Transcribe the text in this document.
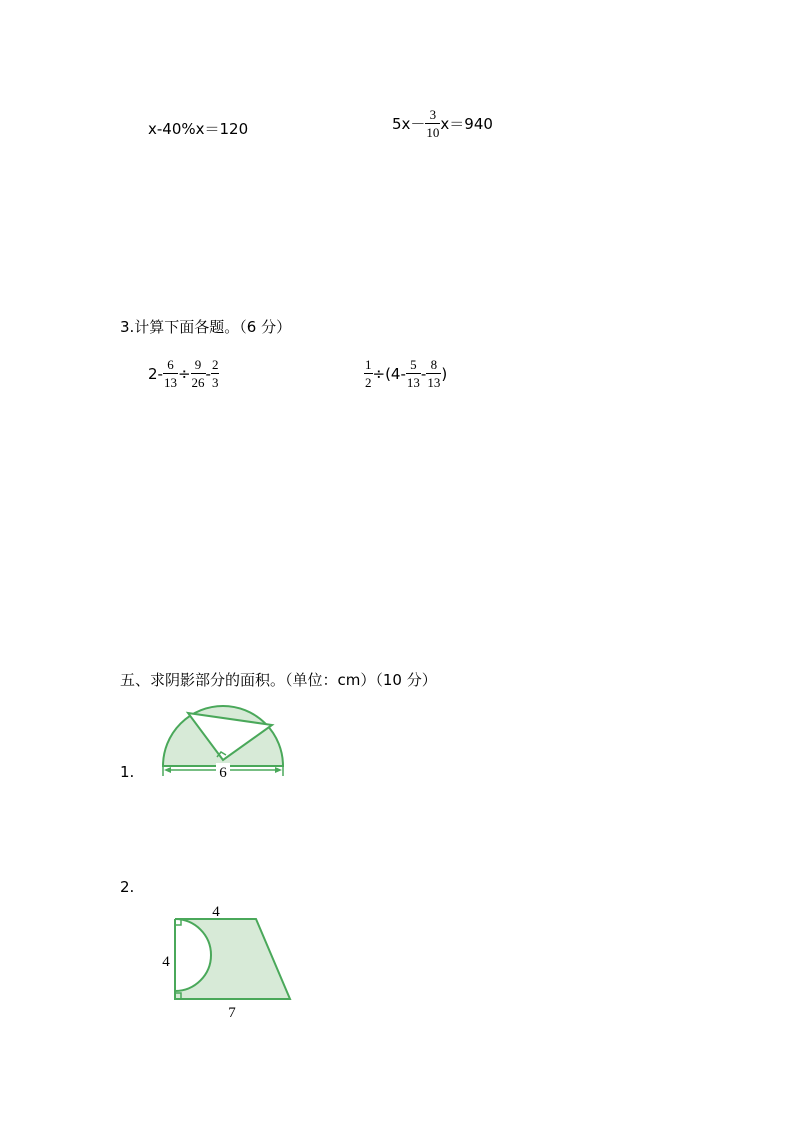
x-40%x＝120	$5x- \frac{3}{10} x=940$
3.计算下面各题。（6 分）
$2- \frac{6}{13} \div \frac{9}{26} - \frac{2}{3}$	$\frac{1}{2} \div(4- \frac{5}{13} - \frac{8}{13}$ )
五、求阴影部分的面积。（单位：cm）（10 分）
1.	6
2.
4
4
7
